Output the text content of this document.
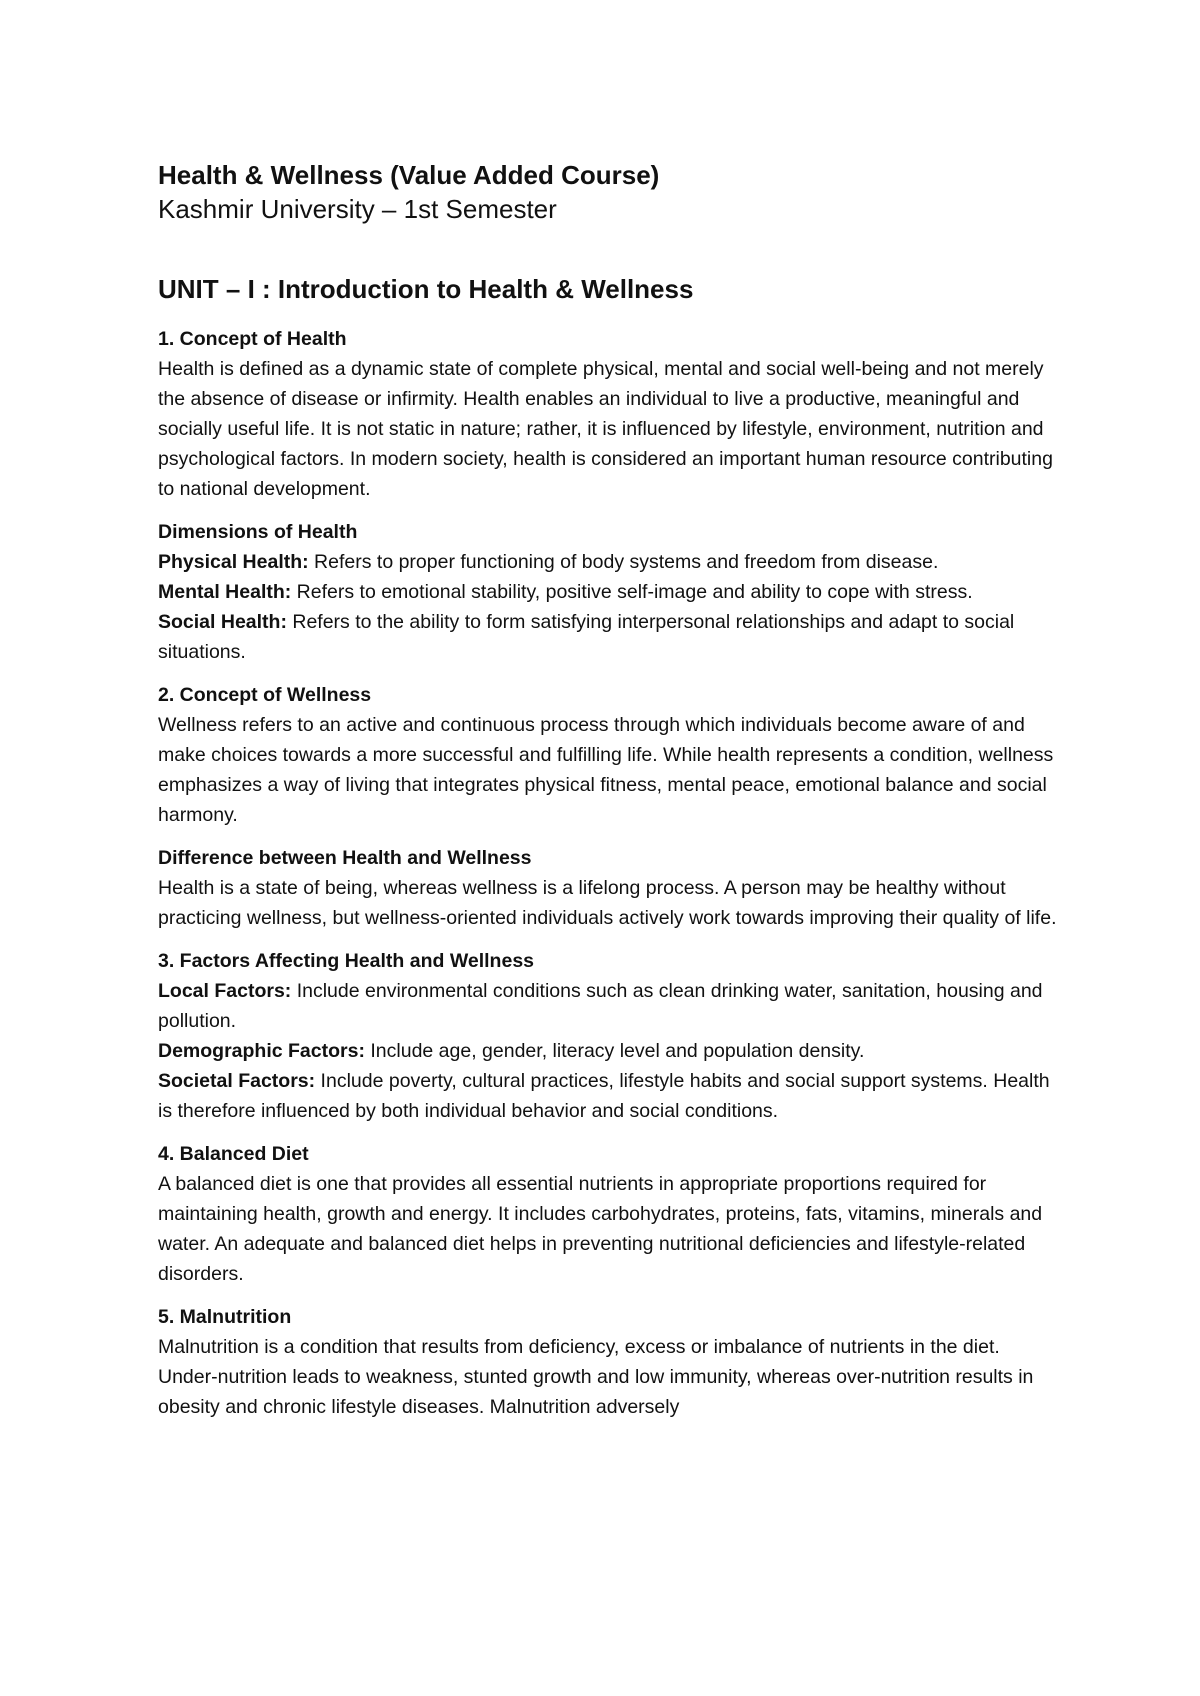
Health & Wellness (Value Added Course)

Kashmir University – 1st Semester

UNIT – I : Introduction to Health & Wellness

1. Concept of Health

Health is defined as a dynamic state of complete physical, mental and social well-being and not merely the absence of disease or infirmity. Health enables an individual to live a productive, meaningful and socially useful life. It is not static in nature; rather, it is influenced by lifestyle, environment, nutrition and psychological factors. In modern society, health is considered an important human resource contributing to national development.

Dimensions of Health

Physical Health: Refers to proper functioning of body systems and freedom from disease.

Mental Health: Refers to emotional stability, positive self-image and ability to cope with stress.

Social Health: Refers to the ability to form satisfying interpersonal relationships and adapt to social situations.

2. Concept of Wellness

Wellness refers to an active and continuous process through which individuals become aware of and make choices towards a more successful and fulfilling life. While health represents a condition, wellness emphasizes a way of living that integrates physical fitness, mental peace, emotional balance and social harmony.

Difference between Health and Wellness

Health is a state of being, whereas wellness is a lifelong process. A person may be healthy without practicing wellness, but wellness-oriented individuals actively work towards improving their quality of life.

3. Factors Affecting Health and Wellness

Local Factors: Include environmental conditions such as clean drinking water, sanitation, housing and pollution.

Demographic Factors: Include age, gender, literacy level and population density.

Societal Factors: Include poverty, cultural practices, lifestyle habits and social support systems. Health is therefore influenced by both individual behavior and social conditions.

4. Balanced Diet

A balanced diet is one that provides all essential nutrients in appropriate proportions required for maintaining health, growth and energy. It includes carbohydrates, proteins, fats, vitamins, minerals and water. An adequate and balanced diet helps in preventing nutritional deficiencies and lifestyle-related disorders.

5. Malnutrition

Malnutrition is a condition that results from deficiency, excess or imbalance of nutrients in the diet. Under-nutrition leads to weakness, stunted growth and low immunity, whereas over-nutrition results in obesity and chronic lifestyle diseases. Malnutrition adversely
